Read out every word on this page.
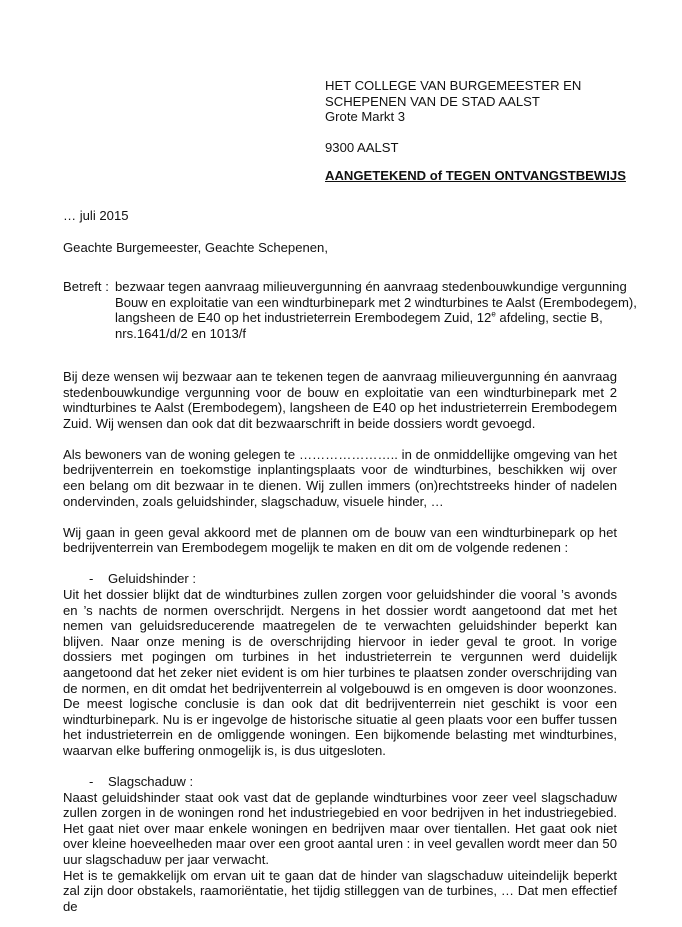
HET COLLEGE VAN BURGEMEESTER EN
SCHEPENEN VAN DE STAD AALST
Grote Markt 3
9300 AALST
AANGETEKEND of TEGEN ONTVANGSTBEWIJS
… juli 2015
Geachte Burgemeester, Geachte Schepenen,
Betreft : bezwaar tegen aanvraag milieuvergunning én aanvraag stedenbouwkundige vergunning
Bouw en exploitatie van een windturbinepark met 2 windturbines te Aalst (Erembodegem),
langsheen de E40 op het industrieterrein Erembodegem Zuid, 12e afdeling, sectie B,
nrs.1641/d/2 en 1013/f

Bij deze wensen wij bezwaar aan te tekenen tegen de aanvraag milieuvergunning én aanvraag stedenbouwkundige vergunning voor de bouw en exploitatie van een windturbinepark met 2 windturbines te Aalst (Erembodegem), langsheen de E40 op het industrieterrein Erembodegem Zuid. Wij wensen dan ook dat dit bezwaarschrift in beide dossiers wordt gevoegd.

Als bewoners van de woning gelegen te ………………….. in de onmiddellijke omgeving van het bedrijventerrein en toekomstige inplantingsplaats voor de windturbines, beschikken wij over een belang om dit bezwaar in te dienen. Wij zullen immers (on)rechtstreeks hinder of nadelen ondervinden, zoals geluidshinder, slagschaduw, visuele hinder, …

Wij gaan in geen geval akkoord met de plannen om de bouw van een windturbinepark op het bedrijventerrein van Erembodegem mogelijk te maken en dit om de volgende redenen :

- Geluidshinder :

Uit het dossier blijkt dat de windturbines zullen zorgen voor geluidshinder die vooral ’s avonds en ’s nachts de normen overschrijdt. Nergens in het dossier wordt aangetoond dat met het nemen van geluidsreducerende maatregelen de te verwachten geluidshinder beperkt kan blijven. Naar onze mening is de overschrijding hiervoor in ieder geval te groot. In vorige dossiers met pogingen om turbines in het industrieterrein te vergunnen werd duidelijk aangetoond dat het zeker niet evident is om hier turbines te plaatsen zonder overschrijding van de normen, en dit omdat het bedrijventerrein al volgebouwd is en omgeven is door woonzones. De meest logische conclusie is dan ook dat dit bedrijventerrein niet geschikt is voor een windturbinepark. Nu is er ingevolge de historische situatie al geen plaats voor een buffer tussen het industrieterrein en de omliggende woningen. Een bijkomende belasting met windturbines, waarvan elke buffering onmogelijk is, is dus uitgesloten.

- Slagschaduw :

Naast geluidshinder staat ook vast dat de geplande windturbines voor zeer veel slagschaduw zullen zorgen in de woningen rond het industriegebied en voor bedrijven in het industriegebied. Het gaat niet over maar enkele woningen en bedrijven maar over tientallen. Het gaat ook niet over kleine hoeveelheden maar over een groot aantal uren : in veel gevallen wordt meer dan 50 uur slagschaduw per jaar verwacht.

Het is te gemakkelijk om ervan uit te gaan dat de hinder van slagschaduw uiteindelijk beperkt zal zijn door obstakels, raamoriëntatie, het tijdig stilleggen van de turbines, … Dat men effectief de
